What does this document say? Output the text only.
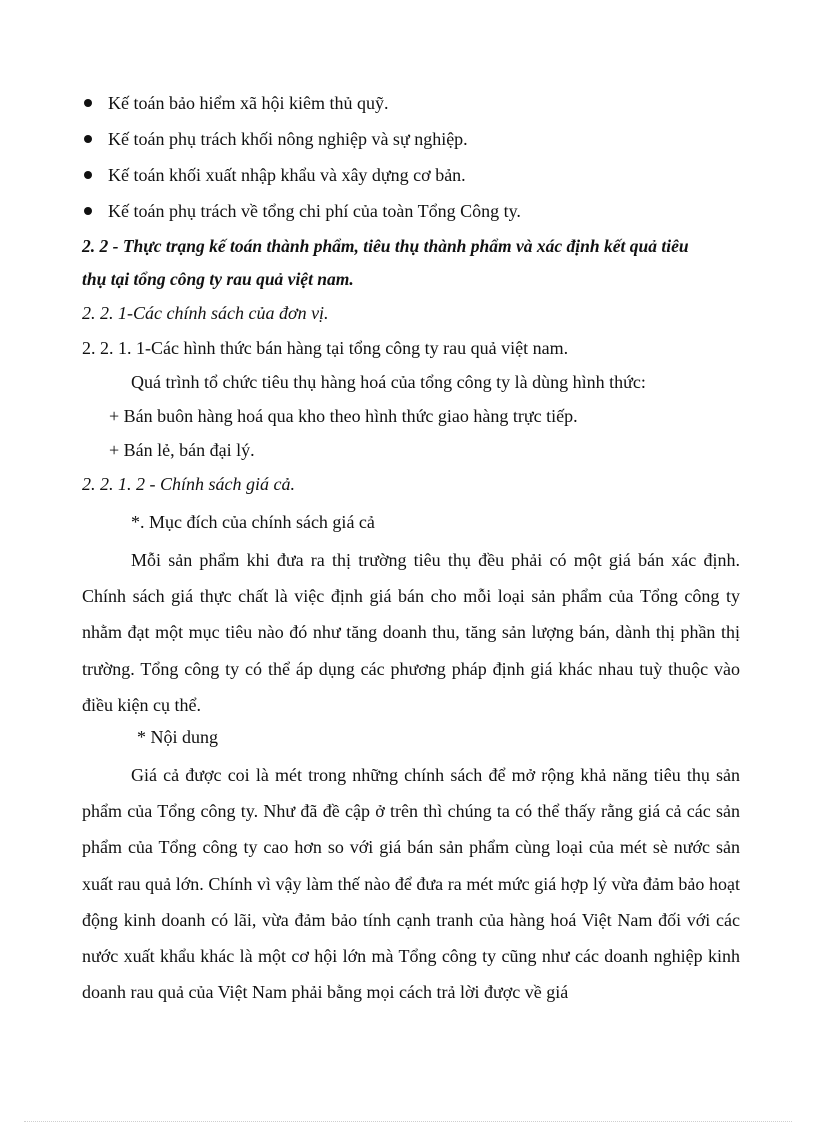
Kế toán bảo hiểm xã hội kiêm thủ quỹ.
Kế toán phụ trách khối nông nghiệp và sự nghiệp.
Kế toán khối xuất nhập khẩu và xây dựng cơ bản.
Kế toán phụ trách về tổng chi phí của toàn Tổng Công ty.
2. 2 - Thực trạng kế toán thành phẩm, tiêu thụ thành phẩm và xác định kết quả tiêu
thụ tại tổng công ty rau quả việt nam.
2. 2. 1-Các chính sách của đơn vị.
2. 2. 1. 1-Các hình thức bán hàng tại tổng công ty rau quả việt nam.
Quá trình tổ chức tiêu thụ hàng hoá của tổng công ty là dùng hình thức:
+ Bán buôn hàng hoá qua kho theo hình thức giao hàng trực tiếp.
+ Bán lẻ, bán đại lý.
2. 2. 1. 2 - Chính sách giá cả.
*. Mục đích của chính sách giá cả
Mỗi sản phẩm khi đưa ra thị trường tiêu thụ đều phải có một giá bán xác định. Chính sách giá thực chất là việc định giá bán cho mỗi loại sản phẩm của Tổng công ty nhằm đạt một mục tiêu nào đó như tăng doanh thu, tăng sản lượng bán, dành thị phần thị trường. Tổng công ty có thể áp dụng các phương pháp định giá khác nhau tuỳ thuộc vào điều kiện cụ thể.
* Nội dung
Giá cả được coi là mét trong những chính sách để mở rộng khả năng tiêu thụ sản phẩm của Tổng công ty. Như đã đề cập ở trên thì chúng ta có thể thấy rằng giá cả các sản phẩm của Tổng công ty cao hơn so với giá bán sản phẩm cùng loại của mét sè nước sản xuất rau quả lớn. Chính vì vậy làm thế nào để đưa ra mét mức giá hợp lý vừa đảm bảo hoạt động kinh doanh có lãi, vừa đảm bảo tính cạnh tranh của hàng hoá Việt Nam đối với các nước xuất khẩu khác là một cơ hội lớn mà Tổng công ty cũng như các doanh nghiệp kinh doanh rau quả của Việt Nam phải bằng mọi cách trả lời được về giá
